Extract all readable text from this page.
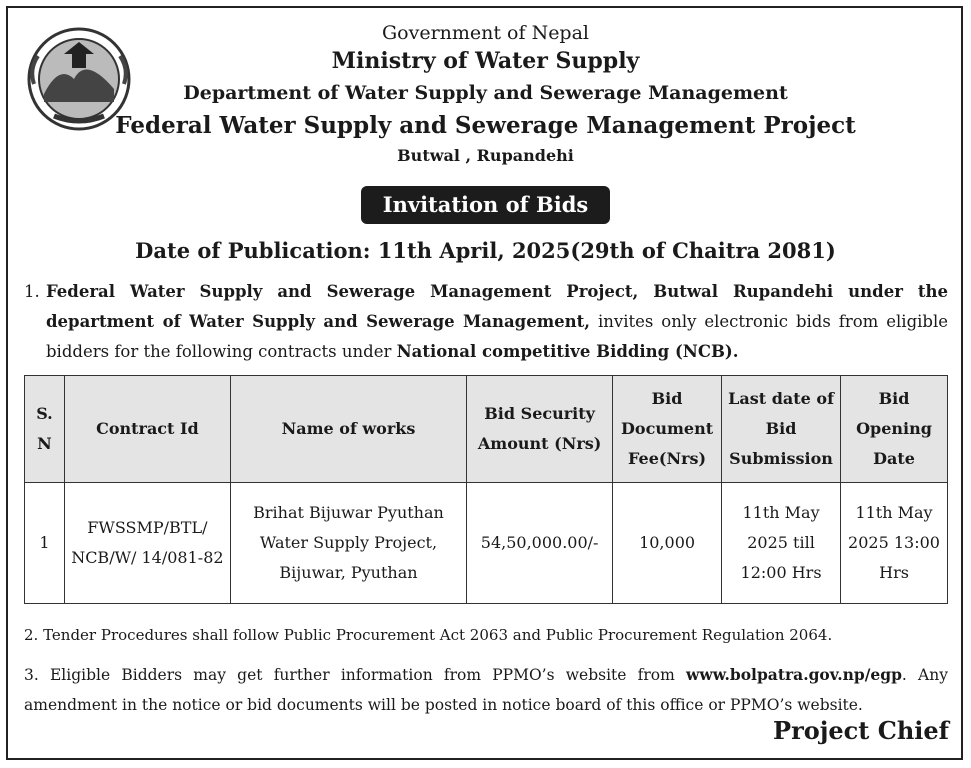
Government of Nepal
Ministry of Water Supply
Department of Water Supply and Sewerage Management
Federal Water Supply and Sewerage Management Project
Butwal , Rupandehi
Invitation of Bids
Date of Publication: 11th April, 2025(29th of Chaitra 2081)
1. Federal Water Supply and Sewerage Management Project, Butwal Rupandehi under the department of Water Supply and Sewerage Management, invites only electronic bids from eligible bidders for the following contracts under National competitive Bidding (NCB).
S. N	Contract Id	Name of works	Bid Security Amount (Nrs)	Bid Document Fee(Nrs)	Last date of Bid Submission	Bid Opening Date
1	FWSSMP/BTL/ NCB/W/ 14/081-82	Brihat Bijuwar Pyuthan Water Supply Project, Bijuwar, Pyuthan	54,50,000.00/-	10,000	11th May 2025 till 12:00 Hrs	11th May 2025 13:00 Hrs
2. Tender Procedures shall follow Public Procurement Act 2063 and Public Procurement Regulation 2064.
3. Eligible Bidders may get further information from PPMO’s website from www.bolpatra.gov.np/egp. Any amendment in the notice or bid documents will be posted in notice board of this office or PPMO’s website.
Project Chief
